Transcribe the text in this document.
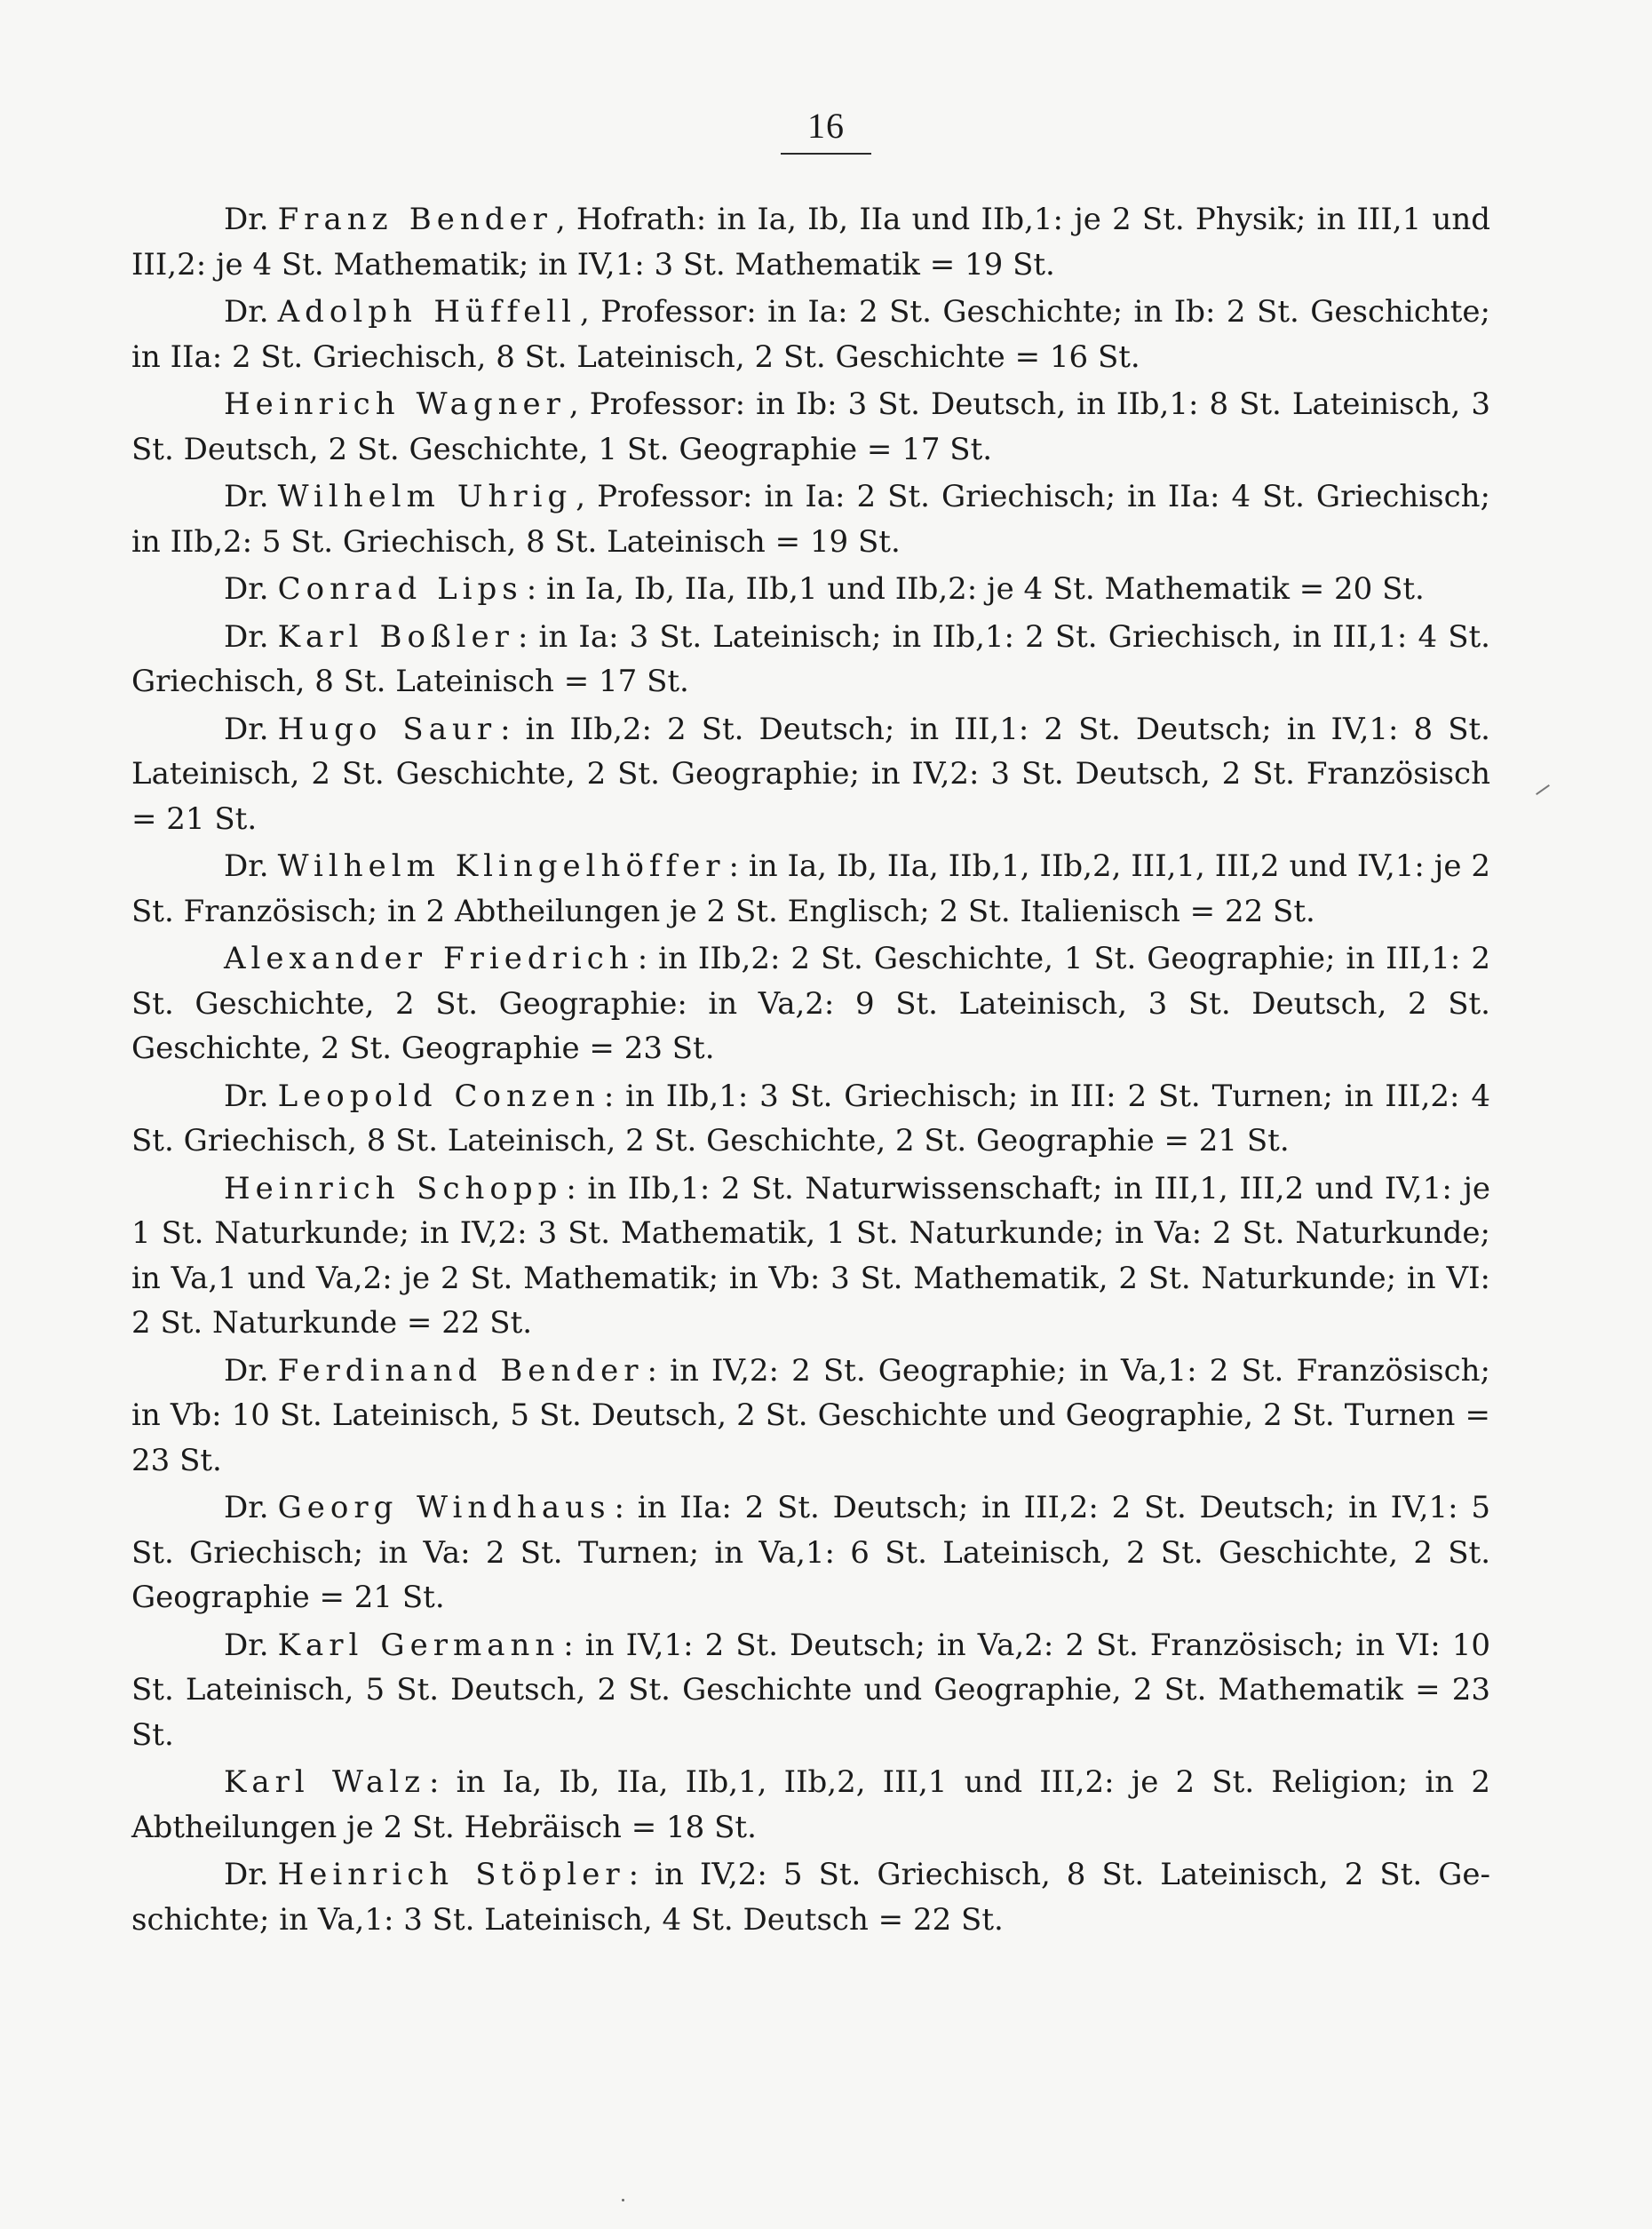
16

Dr. Franz Bender , Hofrath: in Ia, Ib, IIa und IIb,1: je 2 St. Physik; in III,1 und III,2: je 4 St. Mathematik; in IV,1: 3 St. Mathematik = 19 St.

Dr. Adolph Hüffell , Professor: in Ia: 2 St. Geschichte; in Ib: 2 St. Geschichte; in IIa: 2 St. Griechisch, 8 St. Lateinisch, 2 St. Geschichte = 16 St.

Heinrich Wagner , Professor: in Ib: 3 St. Deutsch, in IIb,1: 8 St. Lateinisch, 3 St. Deutsch, 2 St. Geschichte, 1 St. Geographie = 17 St.

Dr. Wilhelm Uhrig , Professor: in Ia: 2 St. Griechisch; in IIa: 4 St. Griechisch; in IIb,2: 5 St. Griechisch, 8 St. Lateinisch = 19 St.

Dr. Conrad Lips : in Ia, Ib, IIa, IIb,1 und IIb,2: je 4 St. Mathematik = 20 St.

Dr. Karl Boßler : in Ia: 3 St. Lateinisch; in IIb,1: 2 St. Griechisch, in III,1: 4 St. Griechisch, 8 St. Lateinisch = 17 St.

Dr. Hugo Saur : in IIb,2: 2 St. Deutsch; in III,1: 2 St. Deutsch; in IV,1: 8 St. Lateinisch, 2 St. Geschichte, 2 St. Geographie; in IV,2: 3 St. Deutsch, 2 St. Französisch = 21 St.

Dr. Wilhelm Klingelhöffer : in Ia, Ib, IIa, IIb,1, IIb,2, III,1, III,2 und IV,1: je 2 St. Französisch; in 2 Abtheilungen je 2 St. Englisch; 2 St. Italienisch = 22 St.

Alexander Friedrich : in IIb,2: 2 St. Geschichte, 1 St. Geographie; in III,1: 2 St. Geschichte, 2 St. Geographie: in Va,2: 9 St. Lateinisch, 3 St. Deutsch, 2 St. Geschichte, 2 St. Geographie = 23 St.

Dr. Leopold Conzen : in IIb,1: 3 St. Griechisch; in III: 2 St. Turnen; in III,2: 4 St. Griechisch, 8 St. Lateinisch, 2 St. Geschichte, 2 St. Geographie = 21 St.

Heinrich Schopp : in IIb,1: 2 St. Naturwissenschaft; in III,1, III,2 und IV,1: je 1 St. Naturkunde; in IV,2: 3 St. Mathematik, 1 St. Naturkunde; in Va: 2 St. Naturkunde; in Va,1 und Va,2: je 2 St. Mathematik; in Vb: 3 St. Mathematik, 2 St. Naturkunde; in VI: 2 St. Naturkunde = 22 St.

Dr. Ferdinand Bender : in IV,2: 2 St. Geographie; in Va,1: 2 St. Französisch; in Vb: 10 St. Lateinisch, 5 St. Deutsch, 2 St. Geschichte und Geographie, 2 St. Turnen = 23 St.

Dr. Georg Windhaus : in IIa: 2 St. Deutsch; in III,2: 2 St. Deutsch; in IV,1: 5 St. Griechisch; in Va: 2 St. Turnen; in Va,1: 6 St. Lateinisch, 2 St. Geschichte, 2 St. Geographie = 21 St.

Dr. Karl Germann : in IV,1: 2 St. Deutsch; in Va,2: 2 St. Französisch; in VI: 10 St. Lateinisch, 5 St. Deutsch, 2 St. Geschichte und Geographie, 2 St. Mathematik = 23 St.

Karl Walz : in Ia, Ib, IIa, IIb,1, IIb,2, III,1 und III,2: je 2 St. Religion; in 2 Abtheilungen je 2 St. Hebräisch = 18 St.

Dr. Heinrich Stöpler : in IV,2: 5 St. Griechisch, 8 St. Lateinisch, 2 St. Geschichte; in Va,1: 3 St. Lateinisch, 4 St. Deutsch = 22 St.
